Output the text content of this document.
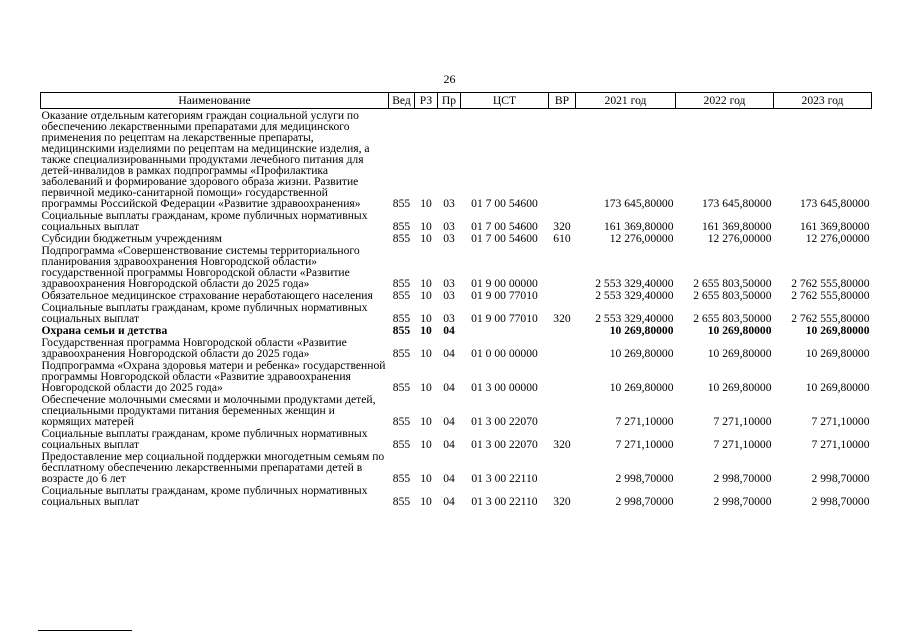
26
Наименование	Вед	РЗ	Пр	ЦСТ	ВР	2021 год	2022 год	2023 год
Оказание отдельным категориям граждан социальной услуги по обеспечению лекарственными препаратами для медицинского применения по рецептам на лекарственные препараты, медицинскими изделиями по рецептам на медицинские изделия, а также специализированными продуктами лечебного питания для детей-инвалидов в рамках подпрограммы «Профилактика заболеваний и формирование здорового образа жизни. Развитие первичной медико-санитарной помощи» государственной программы Российской Федерации «Развитие здравоохранения»	855	10	03	01 7 00 54600		173 645,80000	173 645,80000	173 645,80000
Социальные выплаты гражданам, кроме публичных нормативных социальных выплат	855	10	03	01 7 00 54600	320	161 369,80000	161 369,80000	161 369,80000
Субсидии бюджетным учреждениям	855	10	03	01 7 00 54600	610	12 276,00000	12 276,00000	12 276,00000
Подпрограмма «Совершенствование системы территориального планирования здравоохранения Новгородской области» государственной программы Новгородской области «Развитие здравоохранения Новгородской области до 2025 года»	855	10	03	01 9 00 00000		2 553 329,40000	2 655 803,50000	2 762 555,80000
Обязательное медицинское страхование неработающего населения	855	10	03	01 9 00 77010		2 553 329,40000	2 655 803,50000	2 762 555,80000
Социальные выплаты гражданам, кроме публичных нормативных социальных выплат	855	10	03	01 9 00 77010	320	2 553 329,40000	2 655 803,50000	2 762 555,80000
Охрана семьи и детства	855	10	04			10 269,80000	10 269,80000	10 269,80000
Государственная программа Новгородской области «Развитие здравоохранения Новгородской области до 2025 года»	855	10	04	01 0 00 00000		10 269,80000	10 269,80000	10 269,80000
Подпрограмма «Охрана здоровья матери и ребенка» государственной программы Новгородской области «Развитие здравоохранения Новгородской области до 2025 года»	855	10	04	01 3 00 00000		10 269,80000	10 269,80000	10 269,80000
Обеспечение молочными смесями и молочными продуктами детей, специальными продуктами питания беременных женщин и кормящих матерей	855	10	04	01 3 00 22070		7 271,10000	7 271,10000	7 271,10000
Социальные выплаты гражданам, кроме публичных нормативных социальных выплат	855	10	04	01 3 00 22070	320	7 271,10000	7 271,10000	7 271,10000
Предоставление мер социальной поддержки многодетным семьям по бесплатному обеспечению лекарственными препаратами детей в возрасте до 6 лет	855	10	04	01 3 00 22110		2 998,70000	2 998,70000	2 998,70000
Социальные выплаты гражданам, кроме публичных нормативных социальных выплат	855	10	04	01 3 00 22110	320	2 998,70000	2 998,70000	2 998,70000
